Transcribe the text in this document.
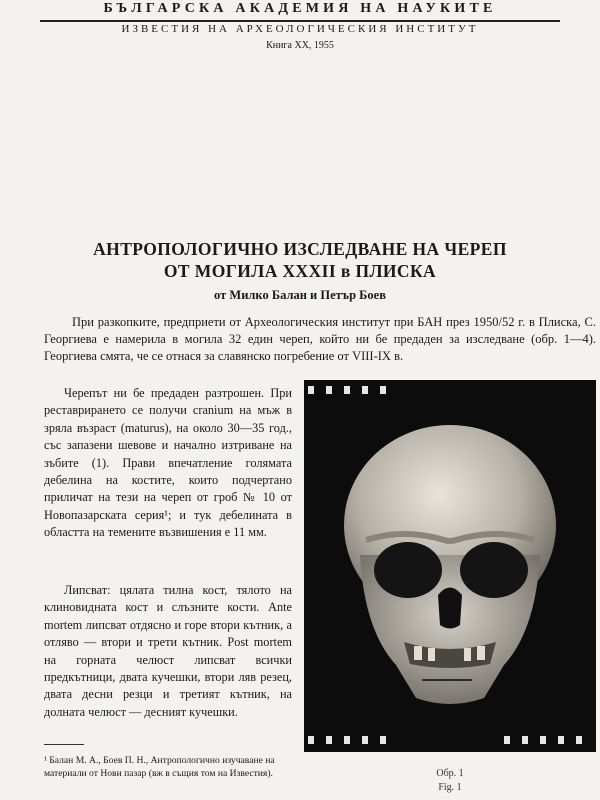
БЪЛГАРСКА АКАДЕМИЯ НА НАУКИТЕ
ИЗВЕСТИЯ НА АРХЕОЛОГИЧЕСКИЯ ИНСТИТУТ
Книга XX, 1955
АНТРОПОЛОГИЧНО ИЗСЛЕДВАНЕ НА ЧЕРЕП
ОТ МОГИЛА XXXII в ПЛИСКА
от Милко Балан и Петър Боев
При разкопките, предприети от Археологическия институт при БАН през 1950/52 г. в Плиска, С. Георгиева е намерила в могила 32 един череп, който ни бе предаден за изследване (обр. 1—4). Георгиева смята, че се отнася за славянско погребение от VIII-IX в.

Черепът ни бе предаден разтрошен. При реставрирането се получи cranium на мъж в зряла възраст (maturus), на около 30—35 год., със запазени шевове и начално изтриване на зъбите (1). Прави впечатление голямата дебелина на костите, които подчертано приличат на тези на череп от гроб № 10 от Новопазарската серия¹; и тук дебелината в областта на темените възвишения е 11 мм.

Липсват: цялата тилна кост, тялото на клиновидната кост и слъзните кости. Ante mortem липсват отдясно и горе втори кътник, а отляво — втори и трети кътник. Post mortem на горната челюст липсват всички предкътници, двата кучешки, втори ляв резец, двата десни резци и третият кътник, на долната челюст — десният кучешки.

¹ Балан М. А., Боев П. Н., Антропологично изучаване на материали от Нови пазар (вж в същия том на Известия).	Обр. 1
Fig. 1
